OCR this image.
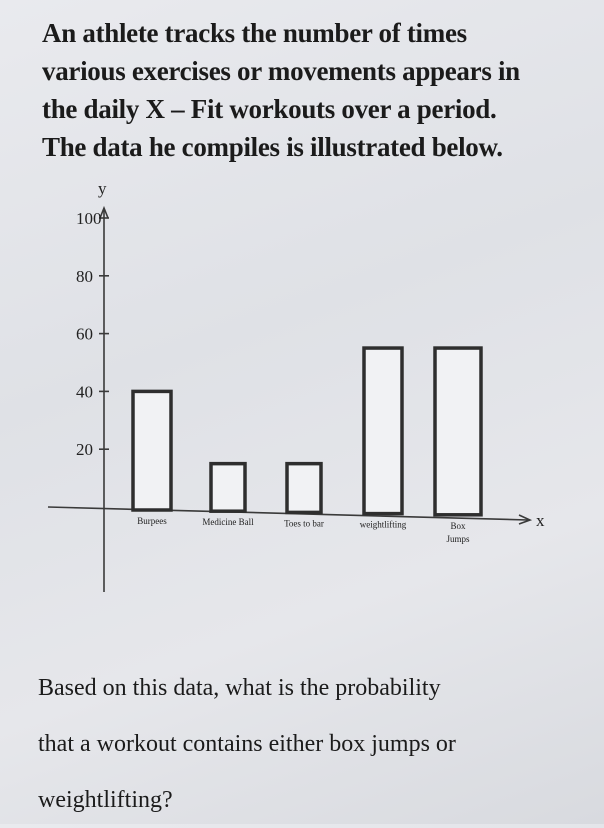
An athlete tracks the number of times
various exercises or movements appears in
the daily X – Fit workouts over a period.
The data he compiles is illustrated below.
y
x
20
40
60
80
100
Burpees	Medicine Ball	Toes to bar	weightlifting	Box
Jumps
Based on this data, what is the probability
that a workout contains either box jumps or
weightlifting?
